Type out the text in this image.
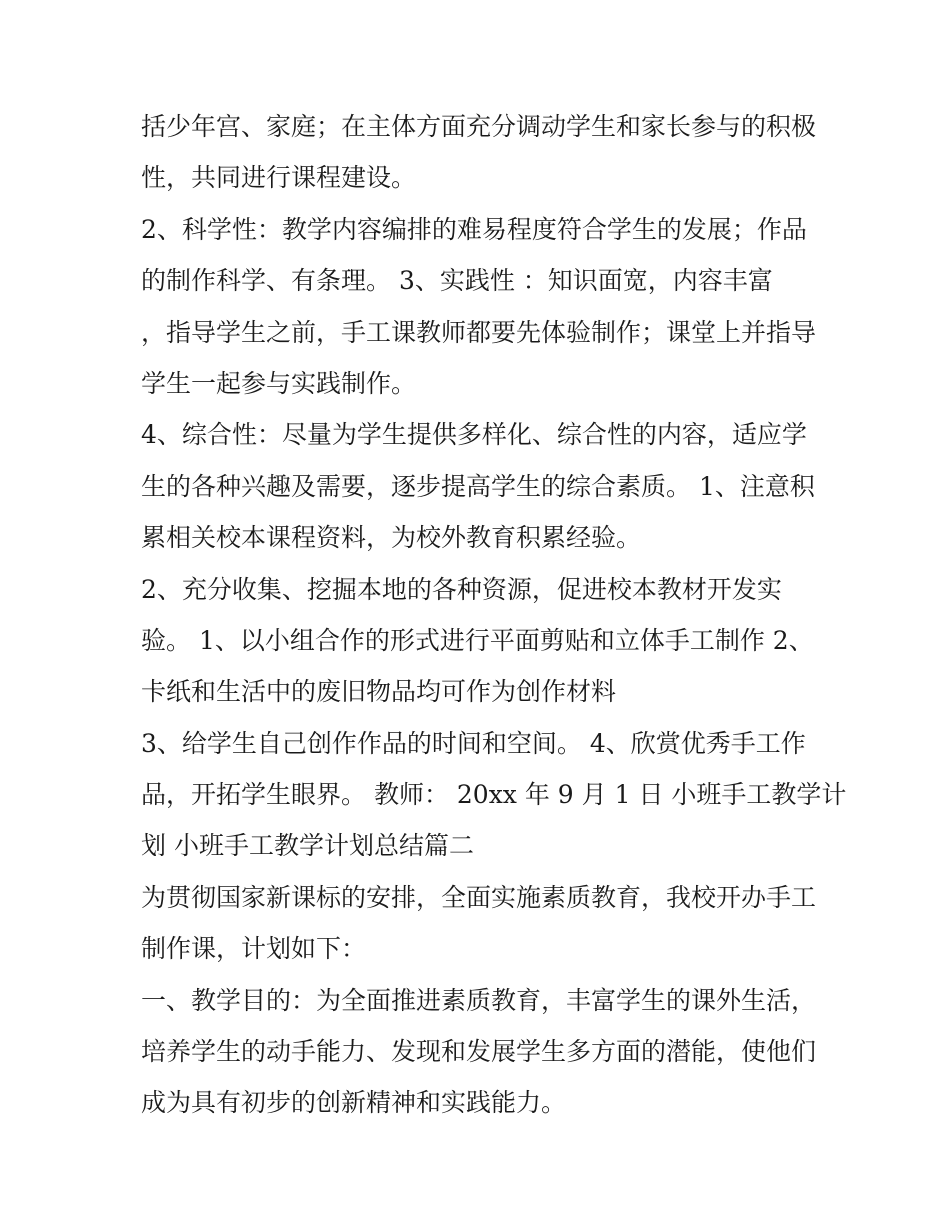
括少年宫、家庭；在主体方面充分调动学生和家长参与的积极
性，共同进行课程建设。
2、科学性：教学内容编排的难易程度符合学生的发展；作品
的制作科学、有条理。 3、实践性 ：知识面宽，内容丰富
，指导学生之前，手工课教师都要先体验制作；课堂上并指导
学生一起参与实践制作。
4、综合性：尽量为学生提供多样化、综合性的内容，适应学
生的各种兴趣及需要，逐步提高学生的综合素质。 1、注意积
累相关校本课程资料，为校外教育积累经验。
2、充分收集、挖掘本地的各种资源，促进校本教材开发实
验。 1、以小组合作的形式进行平面剪贴和立体手工制作 2、
卡纸和生活中的废旧物品均可作为创作材料
3、给学生自己创作作品的时间和空间。 4、欣赏优秀手工作
品，开拓学生眼界。 教师： 20xx 年 9 月 1 日 小班手工教学计
划 小班手工教学计划总结篇二
为贯彻国家新课标的安排，全面实施素质教育，我校开办手工
制作课，计划如下：
一、教学目的：为全面推进素质教育，丰富学生的课外生活，
培养学生的动手能力、发现和发展学生多方面的潜能，使他们
成为具有初步的创新精神和实践能力。
